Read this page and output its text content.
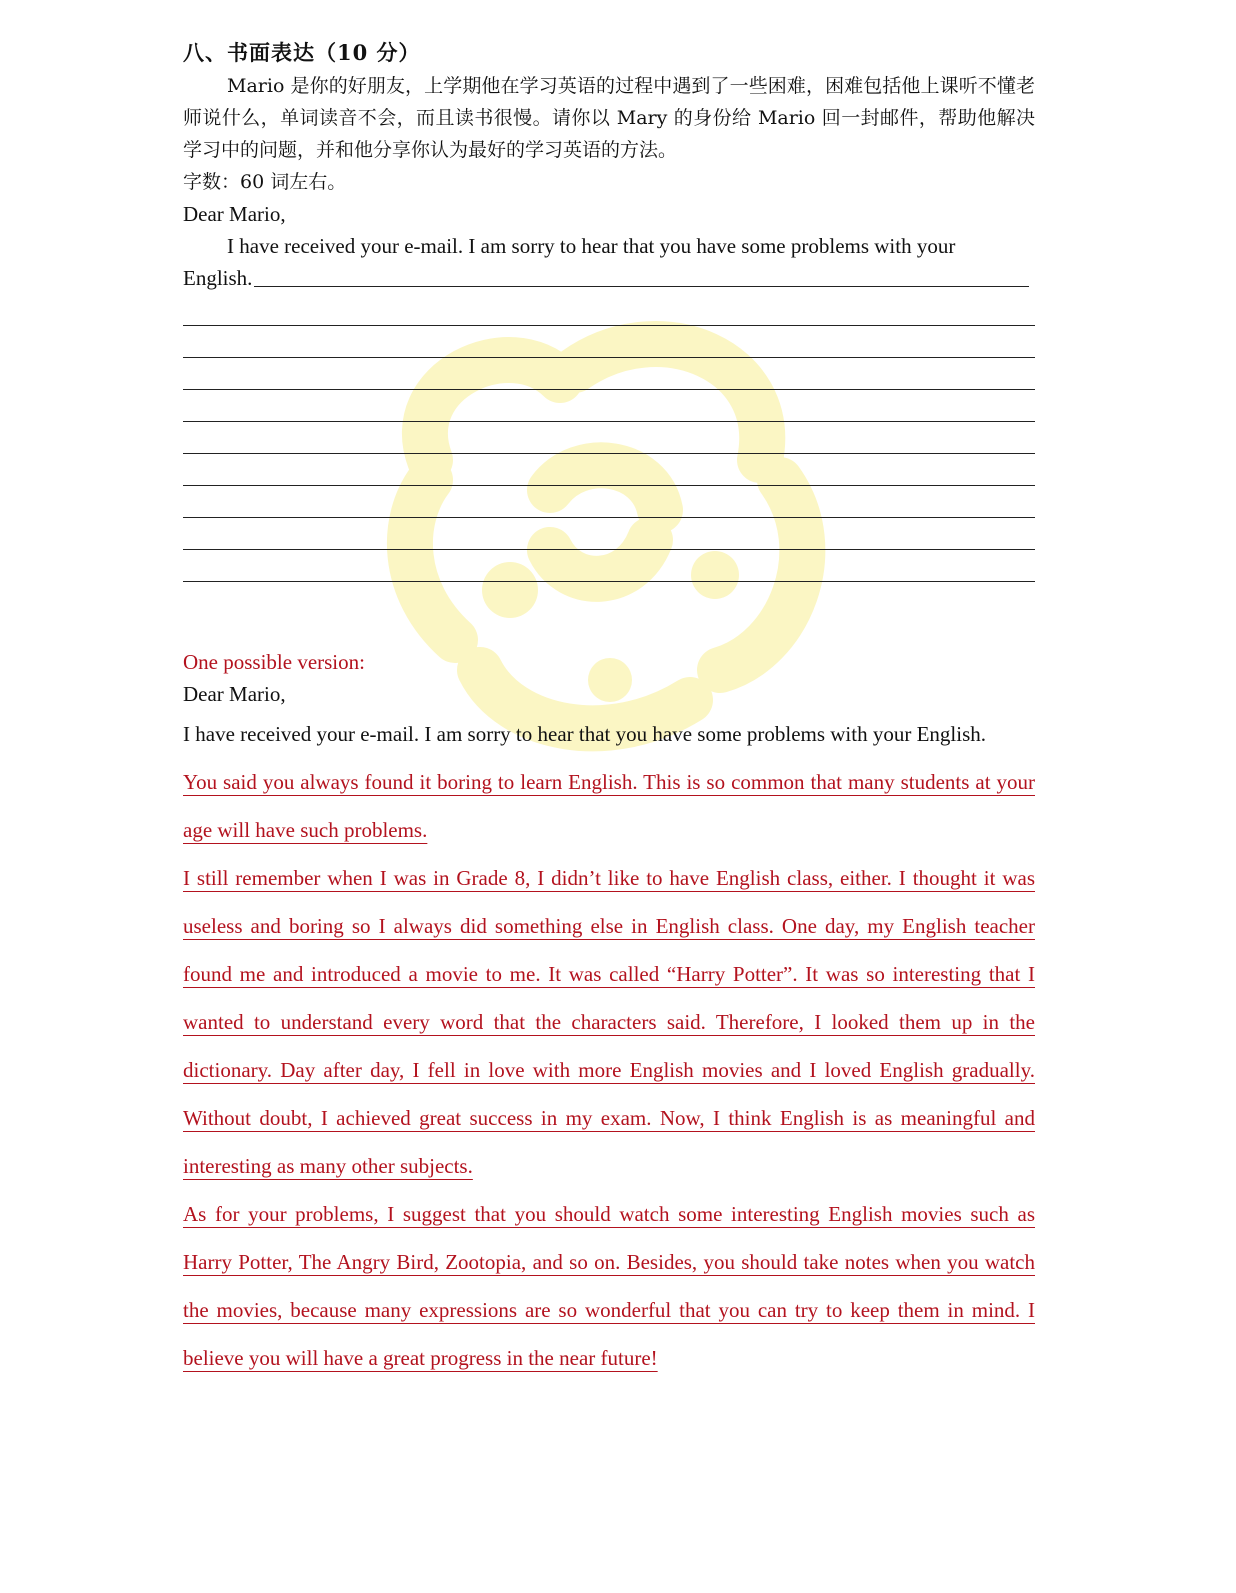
八、书面表达（10 分）

Mario 是你的好朋友，上学期他在学习英语的过程中遇到了一些困难，困难包括他上课听不懂老师说什么，单词读音不会，而且读书很慢。请你以 Mary 的身份给 Mario 回一封邮件，帮助他解决学习中的问题，并和他分享你认为最好的学习英语的方法。

字数：60 词左右。
Dear Mario,
I have received your e-mail. I am sorry to hear that you have some problems with your
English.
One possible version:
Dear Mario,

I have received your e-mail. I am sorry to hear that you have some problems with your English.

You said you always found it boring to learn English. This is so common that many students at your age will have such problems.

I still remember when I was in Grade 8, I didn’t like to have English class, either. I thought it was useless and boring so I always did something else in English class. One day, my English teacher found me and introduced a movie to me. It was called “Harry Potter”. It was so interesting that I wanted to understand every word that the characters said. Therefore, I looked them up in the dictionary. Day after day, I fell in love with more English movies and I loved English gradually. Without doubt, I achieved great success in my exam. Now, I think English is as meaningful and interesting as many other subjects.

As for your problems, I suggest that you should watch some interesting English movies such as Harry Potter, The Angry Bird, Zootopia, and so on. Besides, you should take notes when you watch the movies, because many expressions are so wonderful that you can try to keep them in mind. I believe you will have a great progress in the near future!
